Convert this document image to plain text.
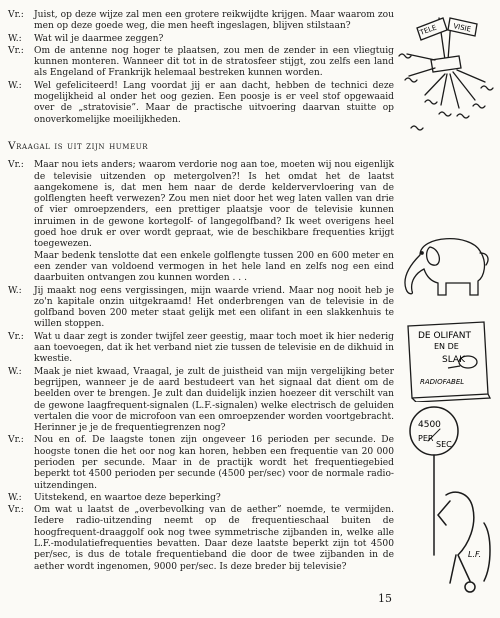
Vr.: Juist, op deze wijze zal men een grotere reikwijdte krijgen. Maar waarom zou men op deze goede weg, die men heeft ingeslagen, blijven stilstaan?

W.: Wat wil je daarmee zeggen?

Vr.: Om de antenne nog hoger te plaatsen, zou men de zender in een vliegtuig kunnen monteren. Wanneer dit tot in de stratosfeer stijgt, zou zelfs een land als Engeland of Frankrijk helemaal bestreken kunnen worden.

W.: Wel gefeliciteerd! Lang voordat jij er aan dacht, hebben de technici deze mogelijkheid al onder het oog gezien. Een poosje is er veel stof opgewaaid over de „stratovisie”. Maar de practische uitvoering daarvan stuitte op onoverkomelijke moeilijkheden.

Vraagal is uit zijn humeur

Vr.: Maar nou iets anders; waarom verdorie nog aan toe, moeten wij nou eigenlijk de televisie uitzenden op metergolven?! Is het omdat het de laatst aangekomene is, dat men hem naar de derde keldervervloering van de golflengten heeft verwezen? Zou men niet door het weg laten vallen van drie of vier omroepzenders, een prettiger plaatsje voor de televisie kunnen inruimen in de gewone kortegolf- of langegolfband? Ik weet overigens heel goed hoe druk er over wordt gepraat, wie de beschikbare frequenties krijgt toegewezen.
Maar bedenk tenslotte dat een enkele golflengte tussen 200 en 600 meter en een zender van voldoend vermogen in het hele land en zelfs nog een eind daarbuiten ontvangen zou kunnen worden . . .

W.: Jij maakt nog eens vergissingen, mijn waarde vriend. Maar nog nooit heb je zo'n kapitale onzin uitgekraamd! Het onderbrengen van de televisie in de golfband boven 200 meter staat gelijk met een olifant in een slakkenhuis te willen stoppen.

Vr.: Wat u daar zegt is zonder twijfel zeer geestig, maar toch moet ik hier nederig aan toevoegen, dat ik het verband niet zie tussen de televisie en de dikhuid in kwestie.

W.: Maak je niet kwaad, Vraagal, je zult de juistheid van mijn vergelijking beter begrijpen, wanneer je de aard bestudeert van het signaal dat dient om de beelden over te brengen. Je zult dan duidelijk inzien hoezeer dit verschilt van de gewone laagfrequent-signalen (L.F.-signalen) welke electrisch de geluiden vertalen die voor de microfoon van een omroepzender worden voortgebracht. Herinner je je de frequentiegrenzen nog?

Vr.: Nou en of. De laagste tonen zijn ongeveer 16 perioden per secunde. De hoogste tonen die het oor nog kan horen, hebben een frequentie van 20 000 perioden per secunde. Maar in de practijk wordt het frequentiegebied beperkt tot 4500 perioden per secunde (4500 per/sec) voor de normale radio-uitzendingen.

W.: Uitstekend, en waartoe deze beperking?

Vr.: Om wat u laatst de „overbevolking van de aether” noemde, te vermijden. Iedere radio-uitzending neemt op de frequentieschaal buiten de hoogfrequent-draaggolf ook nog twee symmetrische zijbanden in, welke alle L.F.-modulatiefrequenties bevatten. Daar deze laatste beperkt zijn tot 4500 per/sec, is dus de totale frequentieband die door de twee zijbanden in de aether wordt ingenomen, 9000 per/sec. Is deze breder bij televisie?

15
TELE VISIE
DE OLIFANT
EN DE
SLAK
RADIOFABEL
4500
PER
SEC
L.F.
